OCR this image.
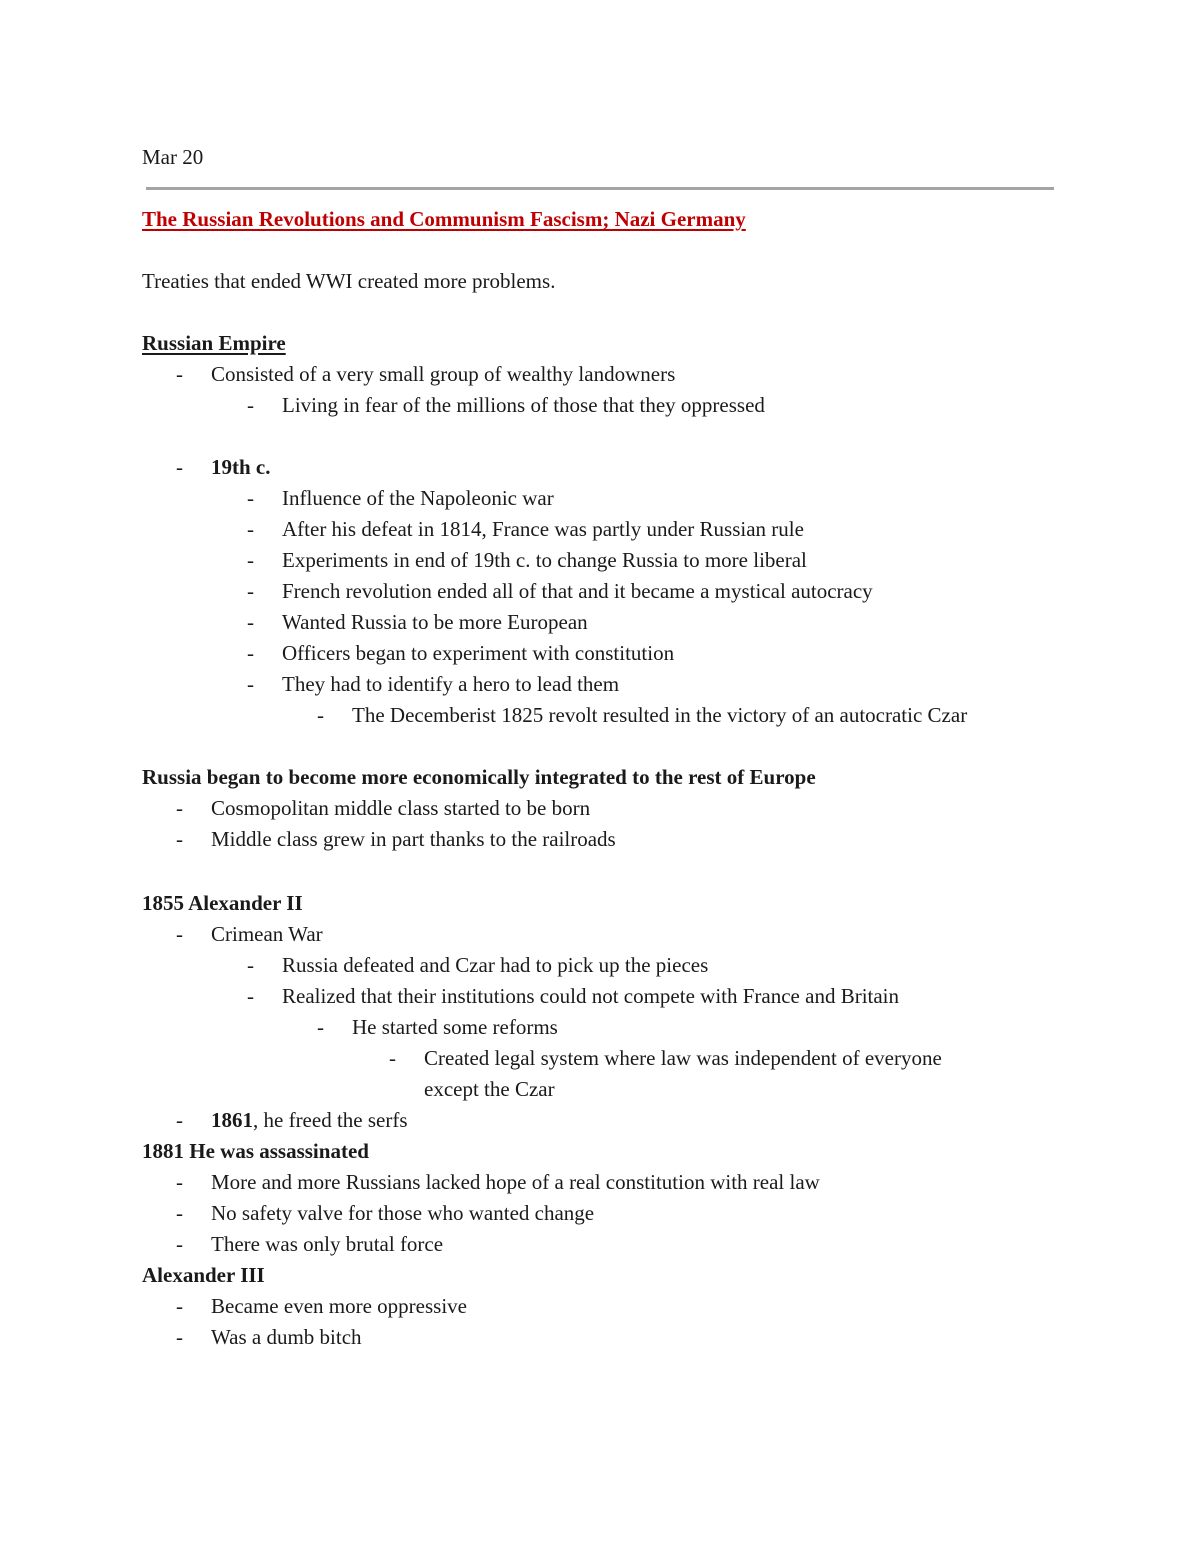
Mar 20
The Russian Revolutions and Communism Fascism; Nazi Germany
Treaties that ended WWI created more problems.
Russian Empire
-	Consisted of a very small group of wealthy landowners
-	Living in fear of the millions of those that they oppressed
-	19th c.
-	Influence of the Napoleonic war
-	After his defeat in 1814, France was partly under Russian rule
-	Experiments in end of 19th c. to change Russia to more liberal
-	French revolution ended all of that and it became a mystical autocracy
-	Wanted Russia to be more European
-	Officers began to experiment with constitution
-	They had to identify a hero to lead them
-	The Decemberist 1825 revolt resulted in the victory of an autocratic Czar
Russia began to become more economically integrated to the rest of Europe
-	Cosmopolitan middle class started to be born
-	Middle class grew in part thanks to the railroads
1855 Alexander II
-	Crimean War
-	Russia defeated and Czar had to pick up the pieces
-	Realized that their institutions could not compete with France and Britain
-	He started some reforms
-	Created legal system where law was independent of everyone
except the Czar
-	1861, he freed the serfs
1881 He was assassinated
-	More and more Russians lacked hope of a real constitution with real law
-	No safety valve for those who wanted change
-	There was only brutal force
Alexander III
-	Became even more oppressive
-	Was a dumb bitch
